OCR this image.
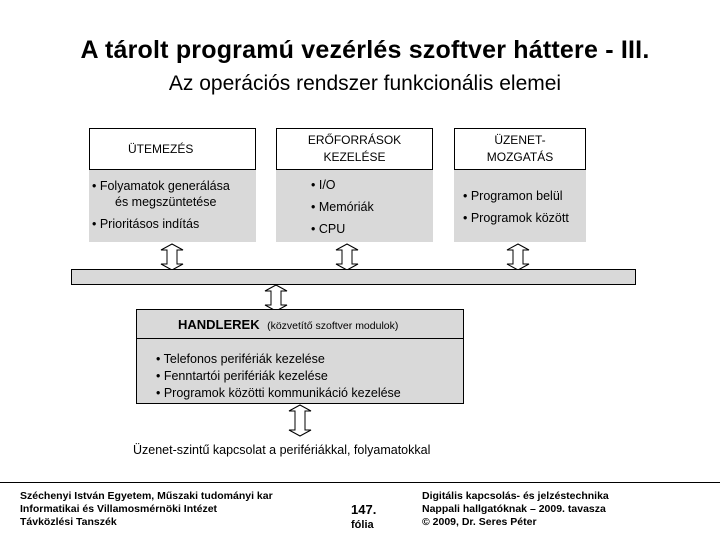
A tárolt programú vezérlés szoftver háttere - III.
Az operációs rendszer funkcionális elemei
ÜTEMEZÉS
• Folyamatok generálása
és megszüntetése
• Prioritásos indítás
ERŐFORRÁSOK
KEZELÉSE
• I/O
• Memóriák
• CPU
ÜZENET-
MOZGATÁS
• Programon belül
• Programok között
HANDLEREK (közvetítő szoftver modulok)
• Telefonos perifériák kezelése
• Fenntartói perifériák kezelése
• Programok közötti kommunikáció kezelése
Üzenet-szintű kapcsolat a perifériákkal, folyamatokkal
Széchenyi István Egyetem, Műszaki tudományi kar
Informatikai és Villamosmérnöki Intézet
Távközlési Tanszék
147.
fólia
Digitális kapcsolás- és jelzéstechnika
Nappali hallgatóknak – 2009. tavasza
© 2009, Dr. Seres Péter
